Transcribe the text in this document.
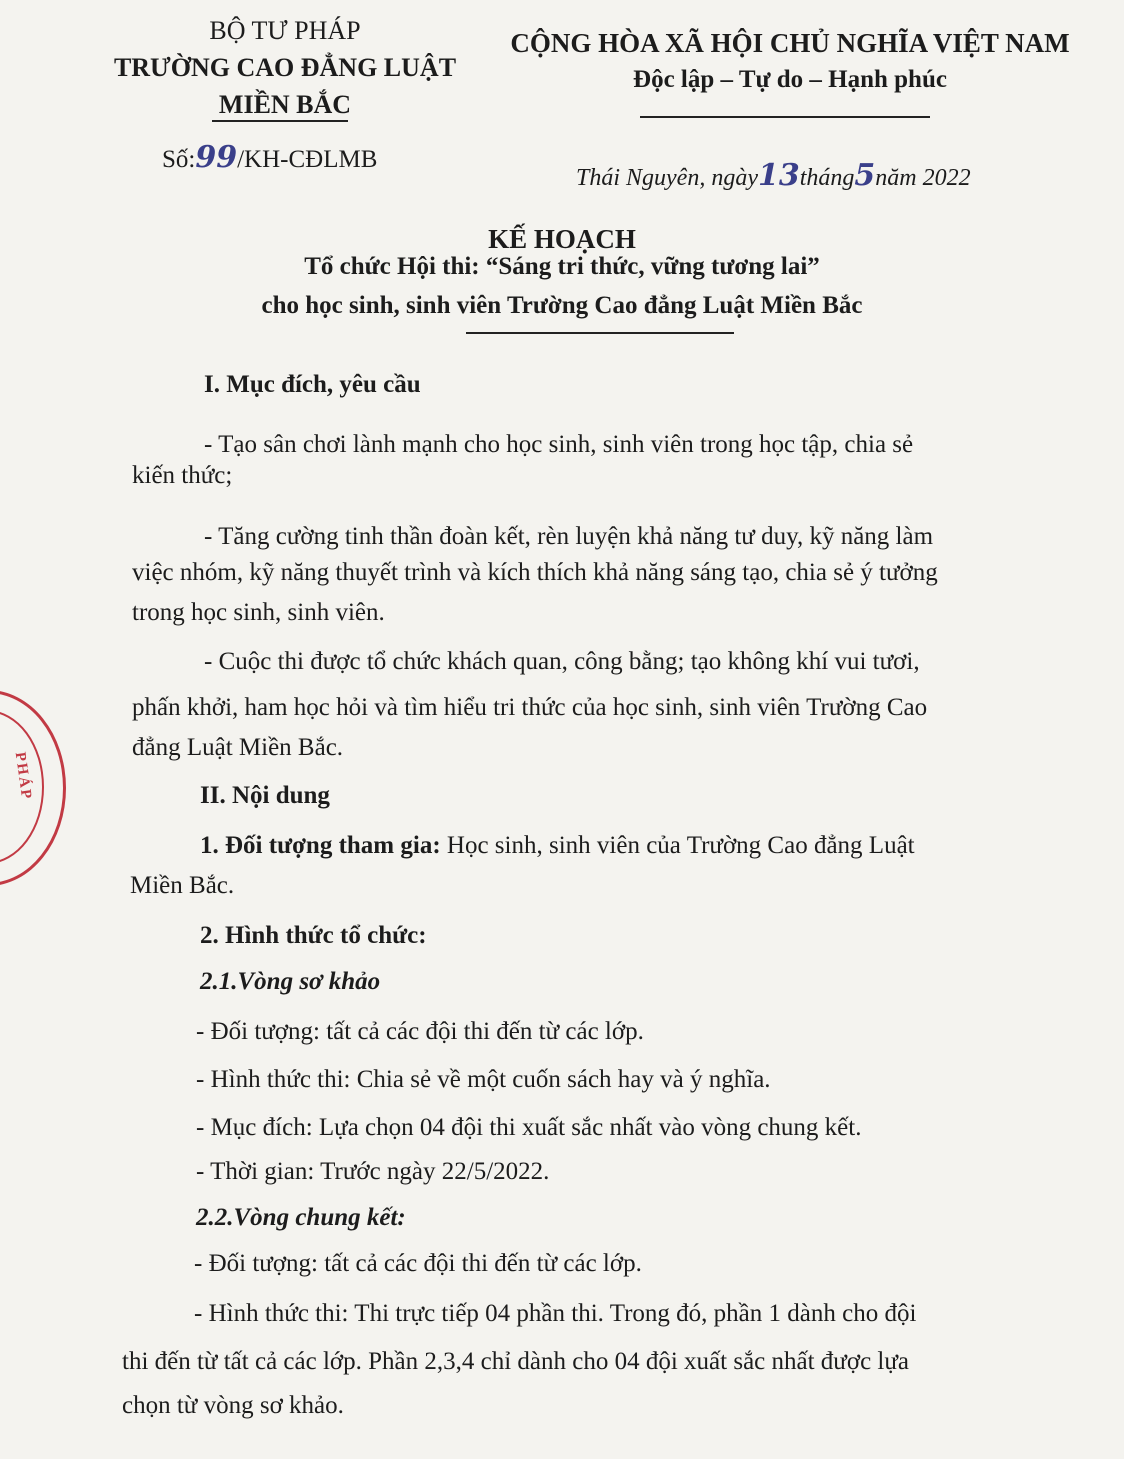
BỘ TƯ PHÁP
TRƯỜNG CAO ĐẲNG LUẬT
MIỀN BẮC
Số:99/KH-CĐLMB
CỘNG HÒA XÃ HỘI CHỦ NGHĨA VIỆT NAM
Độc lập – Tự do – Hạnh phúc
Thái Nguyên, ngày13tháng5năm 2022
KẾ HOẠCH
Tổ chức Hội thi: “Sáng tri thức, vững tương lai”
cho học sinh, sinh viên Trường Cao đẳng Luật Miền Bắc
I. Mục đích, yêu cầu
- Tạo sân chơi lành mạnh cho học sinh, sinh viên trong học tập, chia sẻ
kiến thức;
- Tăng cường tinh thần đoàn kết, rèn luyện khả năng tư duy, kỹ năng làm
việc nhóm, kỹ năng thuyết trình và kích thích khả năng sáng tạo, chia sẻ ý tưởng
trong học sinh, sinh viên.
- Cuộc thi được tổ chức khách quan, công bằng; tạo không khí vui tươi,
phấn khởi, ham học hỏi và tìm hiểu tri thức của học sinh, sinh viên Trường Cao
đẳng Luật Miền Bắc.
II. Nội dung
1. Đối tượng tham gia: Học sinh, sinh viên của Trường Cao đẳng Luật
Miền Bắc.
2. Hình thức tổ chức:
2.1.Vòng sơ khảo
- Đối tượng: tất cả các đội thi đến từ các lớp.
- Hình thức thi: Chia sẻ về một cuốn sách hay và ý nghĩa.
- Mục đích: Lựa chọn 04 đội thi xuất sắc nhất vào vòng chung kết.
- Thời gian: Trước ngày 22/5/2022.
2.2.Vòng chung kết:
- Đối tượng: tất cả các đội thi đến từ các lớp.
- Hình thức thi: Thi trực tiếp 04 phần thi. Trong đó, phần 1 dành cho đội
thi đến từ tất cả các lớp. Phần 2,3,4 chỉ dành cho 04 đội xuất sắc nhất được lựa
chọn từ vòng sơ khảo.
PHÁP
